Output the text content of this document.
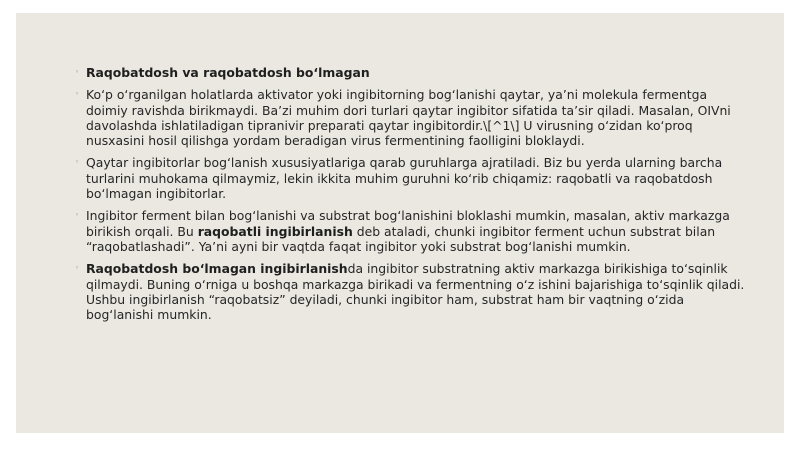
◦ Raqobatdosh va raqobatdosh bo‘lmagan
◦ Ko‘p o‘rganilgan holatlarda aktivator yoki ingibitorning bog‘lanishi qaytar, ya’ni molekula fermentga doimiy ravishda birikmaydi. Ba’zi muhim dori turlari qaytar ingibitor sifatida ta’sir qiladi. Masalan, OIVni davolashda ishlatiladigan tipranivir preparati qaytar ingibitordir.\[^1\] U virusning o‘zidan ko‘proq nusxasini hosil qilishga yordam beradigan virus fermentining faolligini bloklaydi.
◦ Qaytar ingibitorlar bog‘lanish xususiyatlariga qarab guruhlarga ajratiladi. Biz bu yerda ularning barcha turlarini muhokama qilmaymiz, lekin ikkita muhim guruhni ko‘rib chiqamiz: raqobatli va raqobatdosh bo‘lmagan ingibitorlar.
◦ Ingibitor ferment bilan bog‘lanishi va substrat bog‘lanishini bloklashi mumkin, masalan, aktiv markazga birikish orqali. Bu raqobatli ingibirlanish deb ataladi, chunki ingibitor ferment uchun substrat bilan “raqobatlashadi”. Ya’ni ayni bir vaqtda faqat ingibitor yoki substrat bog‘lanishi mumkin.
◦ Raqobatdosh bo‘lmagan ingibirlanishda ingibitor substratning aktiv markazga birikishiga to‘sqinlik qilmaydi. Buning o‘rniga u boshqa markazga birikadi va fermentning o‘z ishini bajarishiga to‘sqinlik qiladi. Ushbu ingibirlanish “raqobatsiz” deyiladi, chunki ingibitor ham, substrat ham bir vaqtning o‘zida bog‘lanishi mumkin.
